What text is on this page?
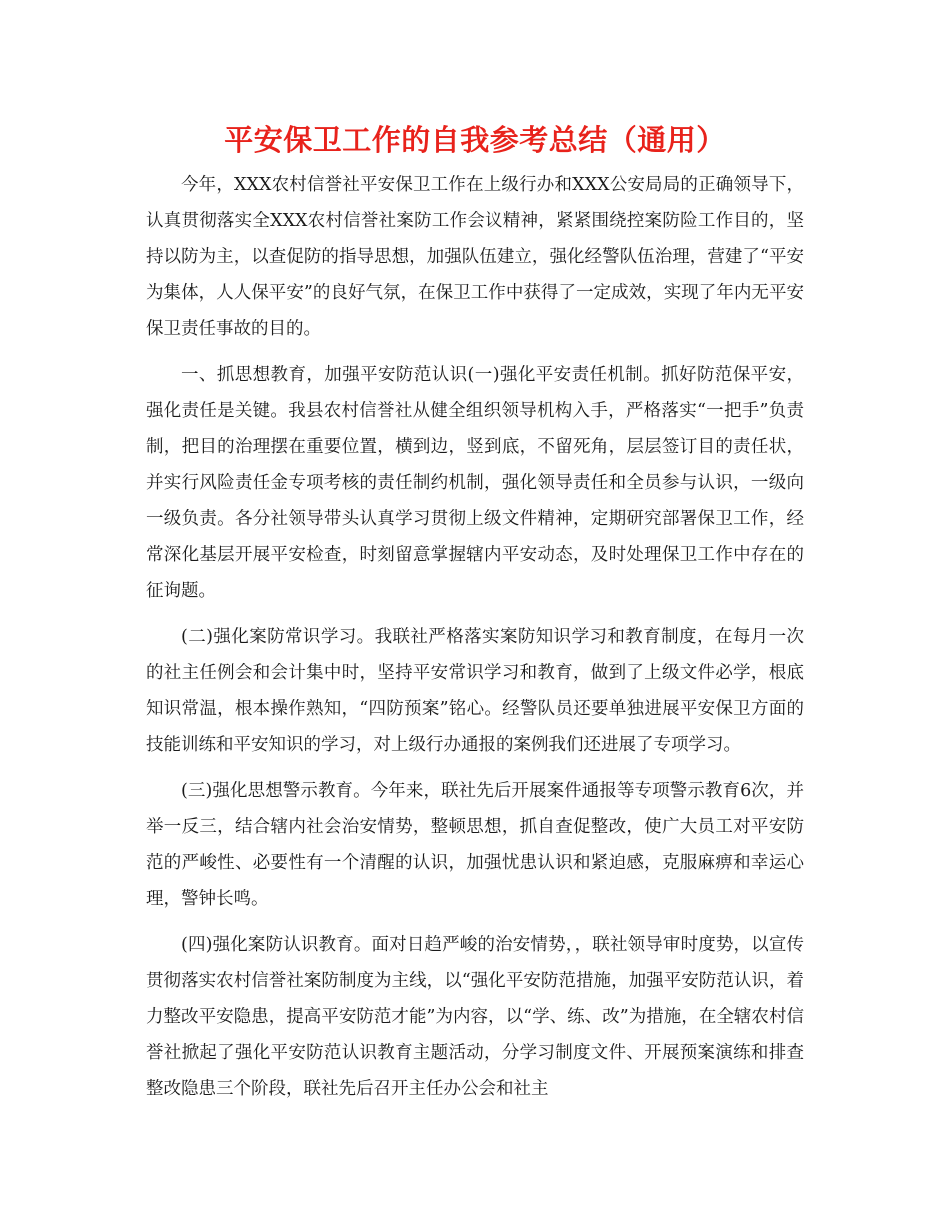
平安保卫工作的自我参考总结（通用）

今年，XXX农村信誉社平安保卫工作在上级行办和XXX公安局局的正确领导下，认真贯彻落实全XXX农村信誉社案防工作会议精神，紧紧围绕控案防险工作目的，坚持以防为主，以查促防的指导思想，加强队伍建立，强化经警队伍治理，营建了“平安为集体，人人保平安”的良好气氛，在保卫工作中获得了一定成效，实现了年内无平安保卫责任事故的目的。

一、抓思想教育，加强平安防范认识(一)强化平安责任机制。抓好防范保平安，强化责任是关键。我县农村信誉社从健全组织领导机构入手，严格落实“一把手”负责制，把目的治理摆在重要位置，横到边，竖到底，不留死角，层层签订目的责任状，并实行风险责任金专项考核的责任制约机制，强化领导责任和全员参与认识，一级向一级负责。各分社领导带头认真学习贯彻上级文件精神，定期研究部署保卫工作，经常深化基层开展平安检查，时刻留意掌握辖内平安动态，及时处理保卫工作中存在的征询题。

(二)强化案防常识学习。我联社严格落实案防知识学习和教育制度，在每月一次的社主任例会和会计集中时，坚持平安常识学习和教育，做到了上级文件必学，根底知识常温，根本操作熟知，“四防预案”铭心。经警队员还要单独进展平安保卫方面的技能训练和平安知识的学习，对上级行办通报的案例我们还进展了专项学习。

(三)强化思想警示教育。今年来，联社先后开展案件通报等专项警示教育6次，并举一反三，结合辖内社会治安情势，整顿思想，抓自查促整改，使广大员工对平安防范的严峻性、必要性有一个清醒的认识，加强忧患认识和紧迫感，克服麻痹和幸运心理，警钟长鸣。

(四)强化案防认识教育。面对日趋严峻的治安情势，，联社领导审时度势，以宣传贯彻落实农村信誉社案防制度为主线，以“强化平安防范措施，加强平安防范认识，着力整改平安隐患，提高平安防范才能”为内容，以“学、练、改”为措施，在全辖农村信誉社掀起了强化平安防范认识教育主题活动，分学习制度文件、开展预案演练和排查整改隐患三个阶段，联社先后召开主任办公会和社主
